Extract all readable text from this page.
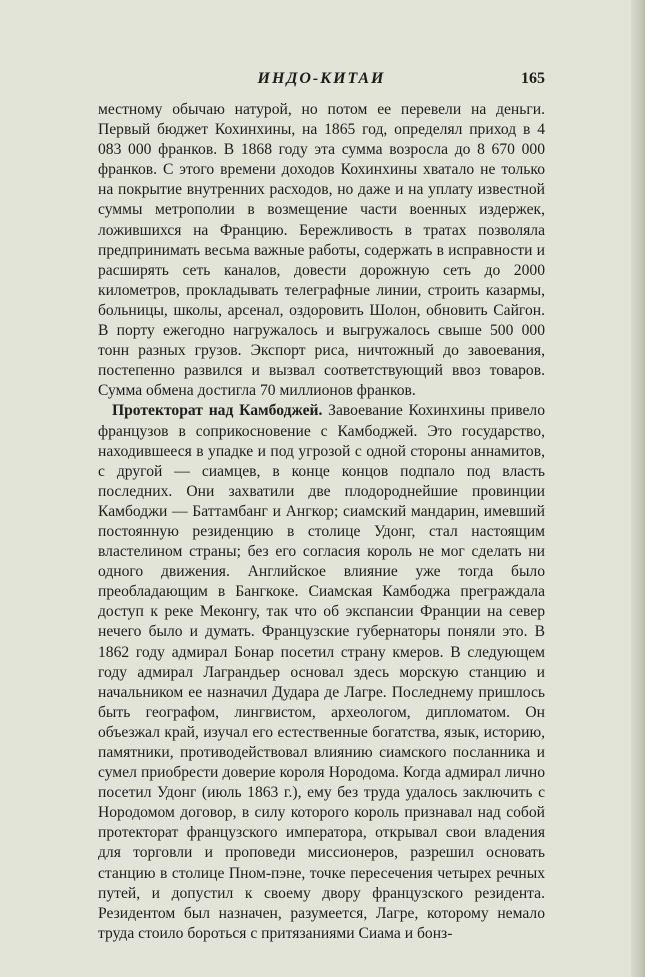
ИНДО-КИТАИ	165

местному обычаю натурой, но потом ее перевели на деньги. Первый бюджет Кохинхины, на 1865 год, определял приход в 4 083 000 франков. В 1868 году эта сумма возросла до 8 670 000 франков. С этого времени доходов Кохинхины хватало не только на покрытие внутренних расходов, но даже и на уплату известной суммы метрополии в возмещение части военных издержек, ложившихся на Францию. Бережливость в тратах позволяла предпринимать весьма важные работы, содержать в исправности и расширять сеть каналов, довести дорожную сеть до 2000 километров, прокладывать телеграфные линии, строить казармы, больницы, школы, арсенал, оздоровить Шолон, обновить Сайгон. В порту ежегодно нагружалось и выгружалось свыше 500 000 тонн разных грузов. Экспорт риса, ничтожный до завоевания, постепенно развился и вызвал соответствующий ввоз товаров. Сумма обмена достигла 70 миллионов франков.

Протекторат над Камбоджей. Завоевание Кохинхины привело французов в соприкосновение с Камбоджей. Это государство, находившееся в упадке и под угрозой с одной стороны аннамитов, с другой — сиамцев, в конце концов подпало под власть последних. Они захватили две плодороднейшие провинции Камбоджи — Баттамбанг и Ангкор; сиамский мандарин, имевший постоянную резиденцию в столице Удонг, стал настоящим властелином страны; без его согласия король не мог сделать ни одного движения. Английское влияние уже тогда было преобладающим в Бангкоке. Сиамская Камбоджа преграждала доступ к реке Меконгу, так что об экспансии Франции на север нечего было и думать. Французские губернаторы поняли это. В 1862 году адмирал Бонар посетил страну кмеров. В следующем году адмирал Лаграндьер основал здесь морскую станцию и начальником ее назначил Дудара де Лагре. Последнему пришлось быть географом, лингвистом, археологом, дипломатом. Он объезжал край, изучал его естественные богатства, язык, историю, памятники, противодействовал влиянию сиамского посланника и сумел приобрести доверие короля Нородома. Когда адмирал лично посетил Удонг (июль 1863 г.), ему без труда удалось заключить с Нородомом договор, в силу которого король признавал над собой протекторат французского императора, открывал свои владения для торговли и проповеди миссионеров, разрешил основать станцию в столице Пном-пэне, точке пересечения четырех речных путей, и допустил к своему двору французского резидента. Резидентом был назначен, разумеется, Лагре, которому немало труда стоило бороться с притязаниями Сиама и бонз-
